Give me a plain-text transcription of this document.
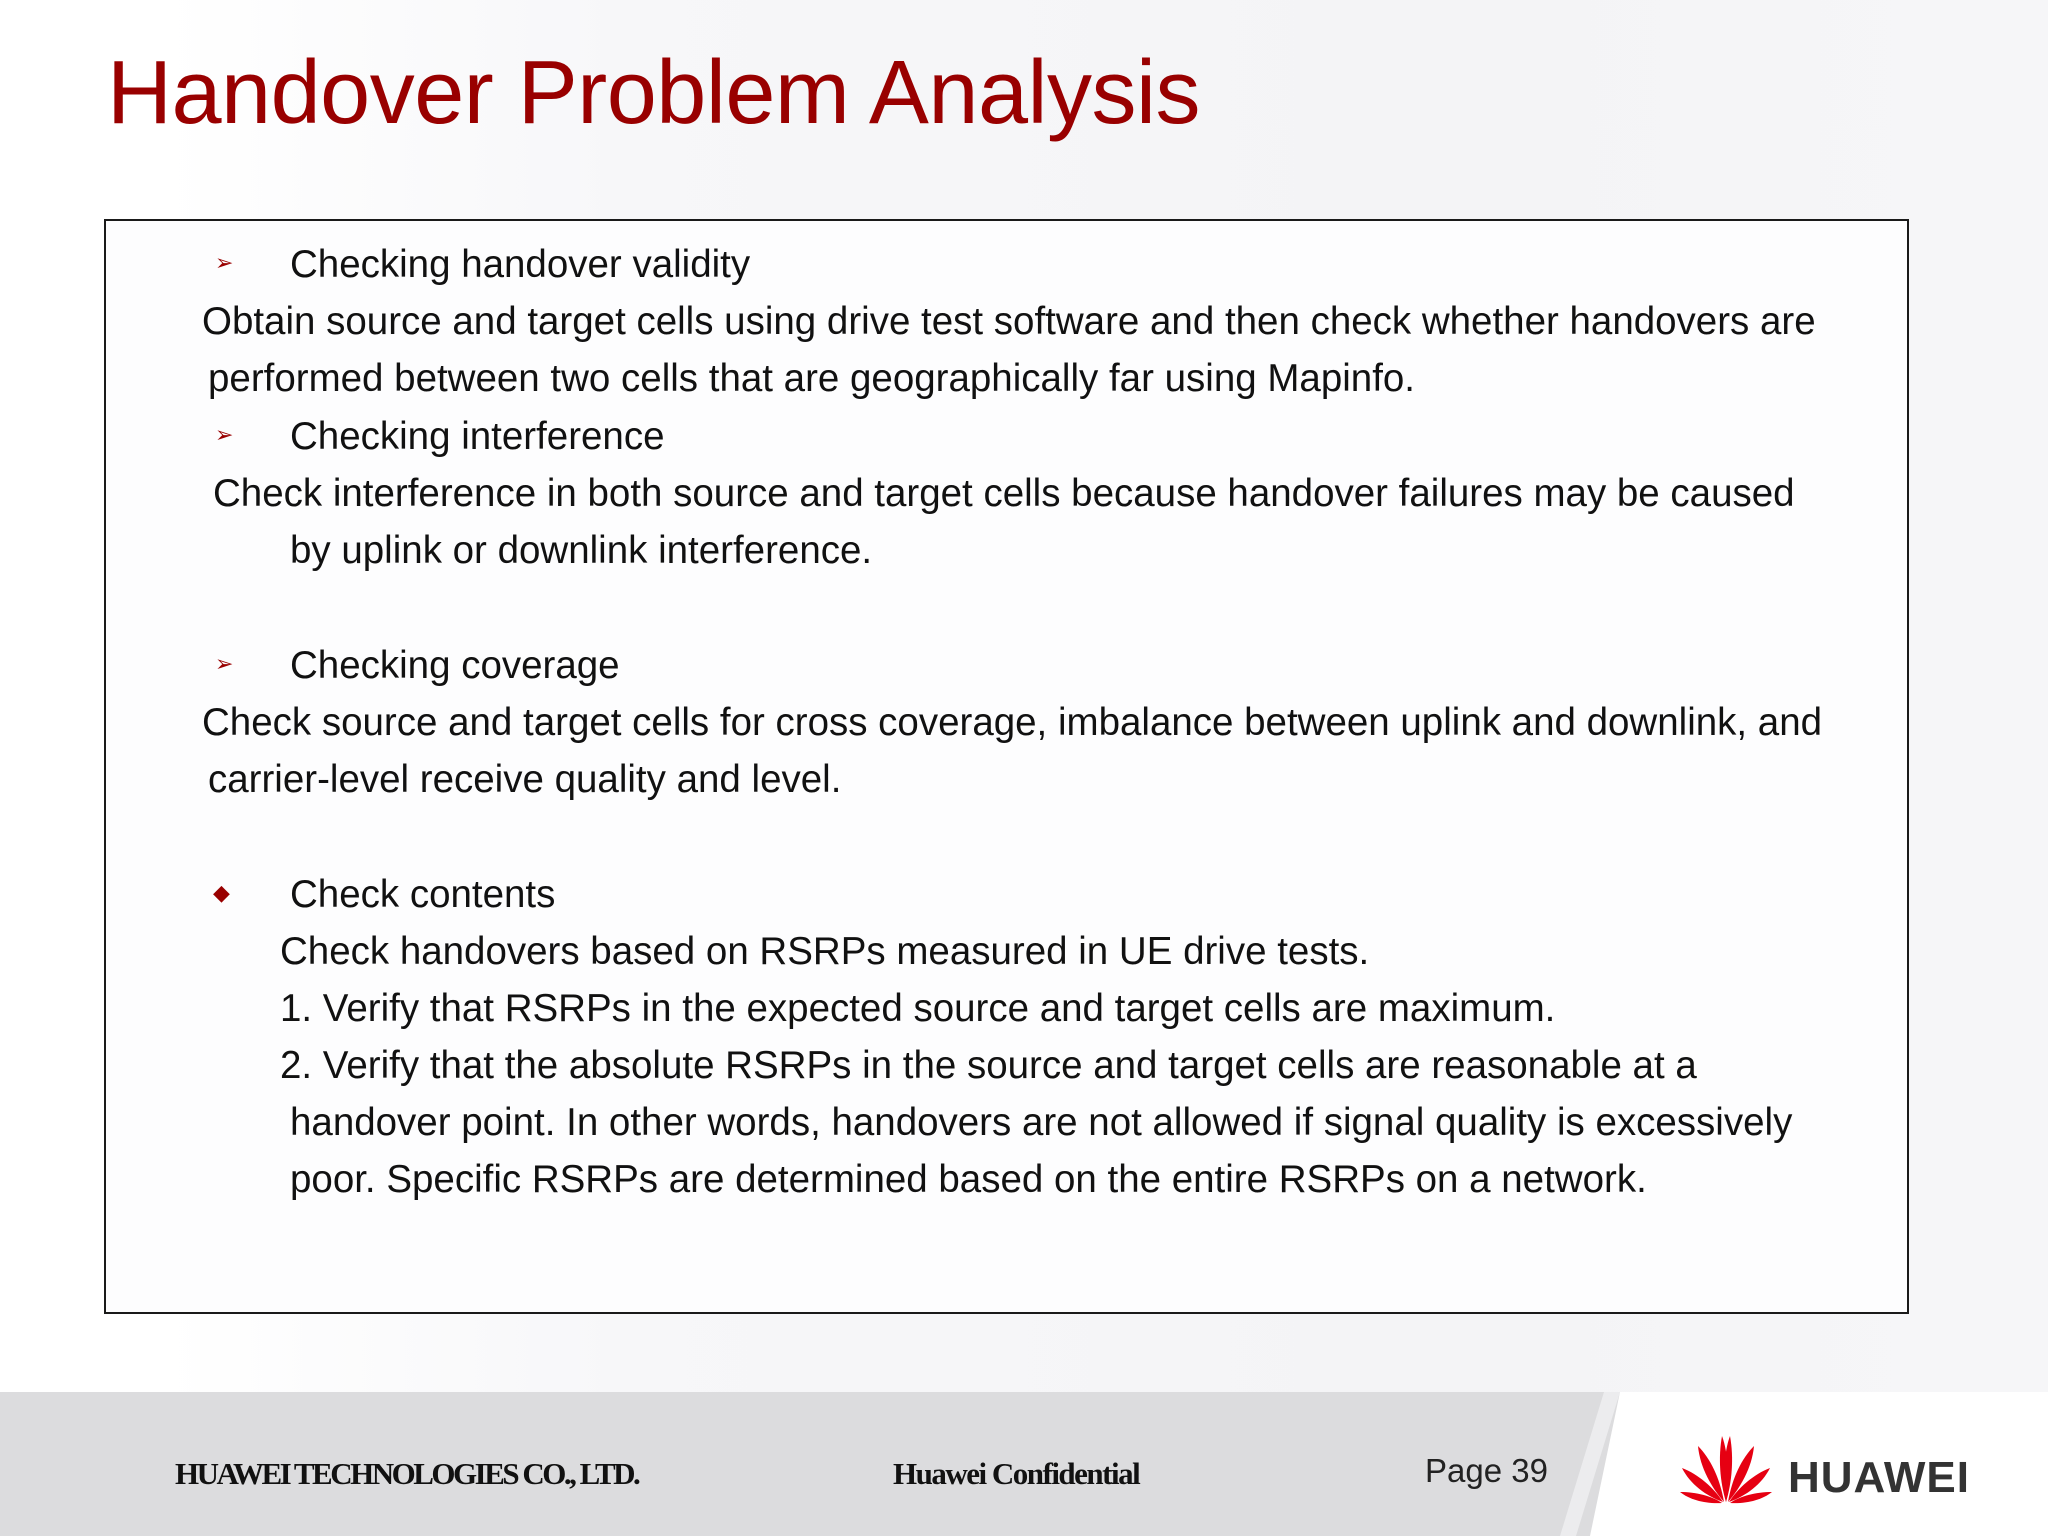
Handover Problem Analysis
➢ Checking handover validity
Obtain source and target cells using drive test software and then check whether handovers are
performed between two cells that are geographically far using Mapinfo.
➢ Checking interference
Check interference in both source and target cells because handover failures may be caused
by uplink or downlink interference.
➢ Checking coverage
Check source and target cells for cross coverage, imbalance between uplink and downlink, and
carrier-level receive quality and level.
◆ Check contents
Check handovers based on RSRPs measured in UE drive tests.
1. Verify that RSRPs in the expected source and target cells are maximum.
2. Verify that the absolute RSRPs in the source and target cells are reasonable at a
handover point. In other words, handovers are not allowed if signal quality is excessively
poor. Specific RSRPs are determined based on the entire RSRPs on a network.
HUAWEI TECHNOLOGIES CO., LTD.	Huawei Confidential	Page 39	HUAWEI
